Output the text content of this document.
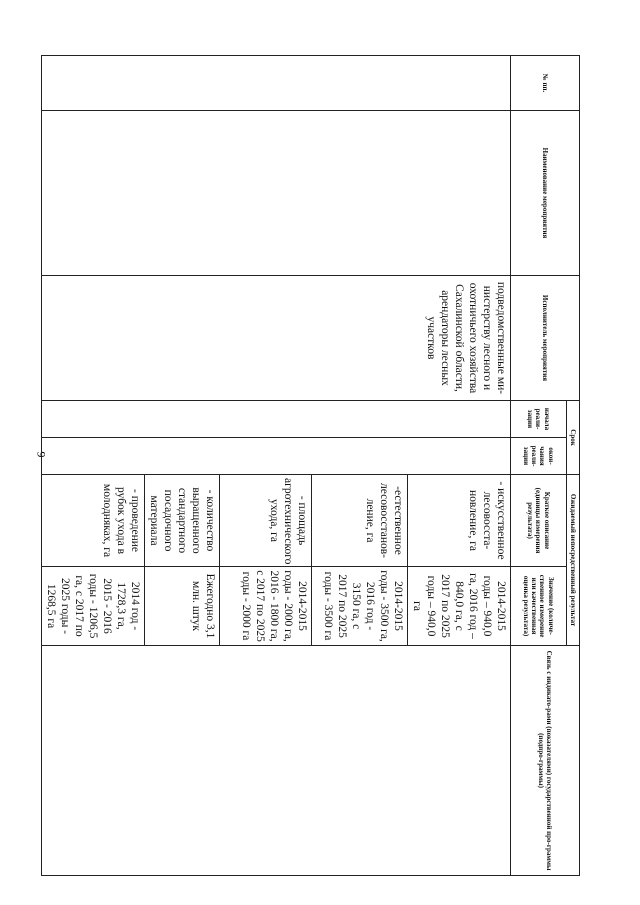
9
№ пп.	Наименование мероприятия	Исполнитель мероприятия	Срок		Ожидаемый непосредственный результат		Связь с индикато-рами (показателями) государственной про-граммы (подпро-граммы)
			начала реали-зации	окон-чания реали-зации	Краткое описание (единицы измерения результата)	Значение (количе-ственное измерение или качественная оценка результата)	
		подведомственные ми-нистерству лесного и охотничьего хозяйства Сахалинской области, арендаторы лесных участков			- искусственное лесовосста-новление, га	2014-2015 годы – 940,0 га, 2016 год – 840,0 га, с 2017 по 2025 годы – 940,0 га	
					-естественное лесовосстанов-ление, га	2014-2015 годы - 3500 га, 2016 год - 3150 га, с 2017 по 2025 годы - 3500 га	
					- площадь агротехнического ухода, га	2014-2015 годы - 2000 га, 2016 - 1800 га, с 2017 по 2025 годы - 2000 га	
					- количество выращенного стандартного посадочного материала	Ежегодно 3,1 млн. штук	
					- проведение рубок ухода в молодняках, га	2014 год - 1728,3 га, 2015 - 2016 годы - 1206,5 га, с 2017 по 2025 годы - 1268,5 га	
